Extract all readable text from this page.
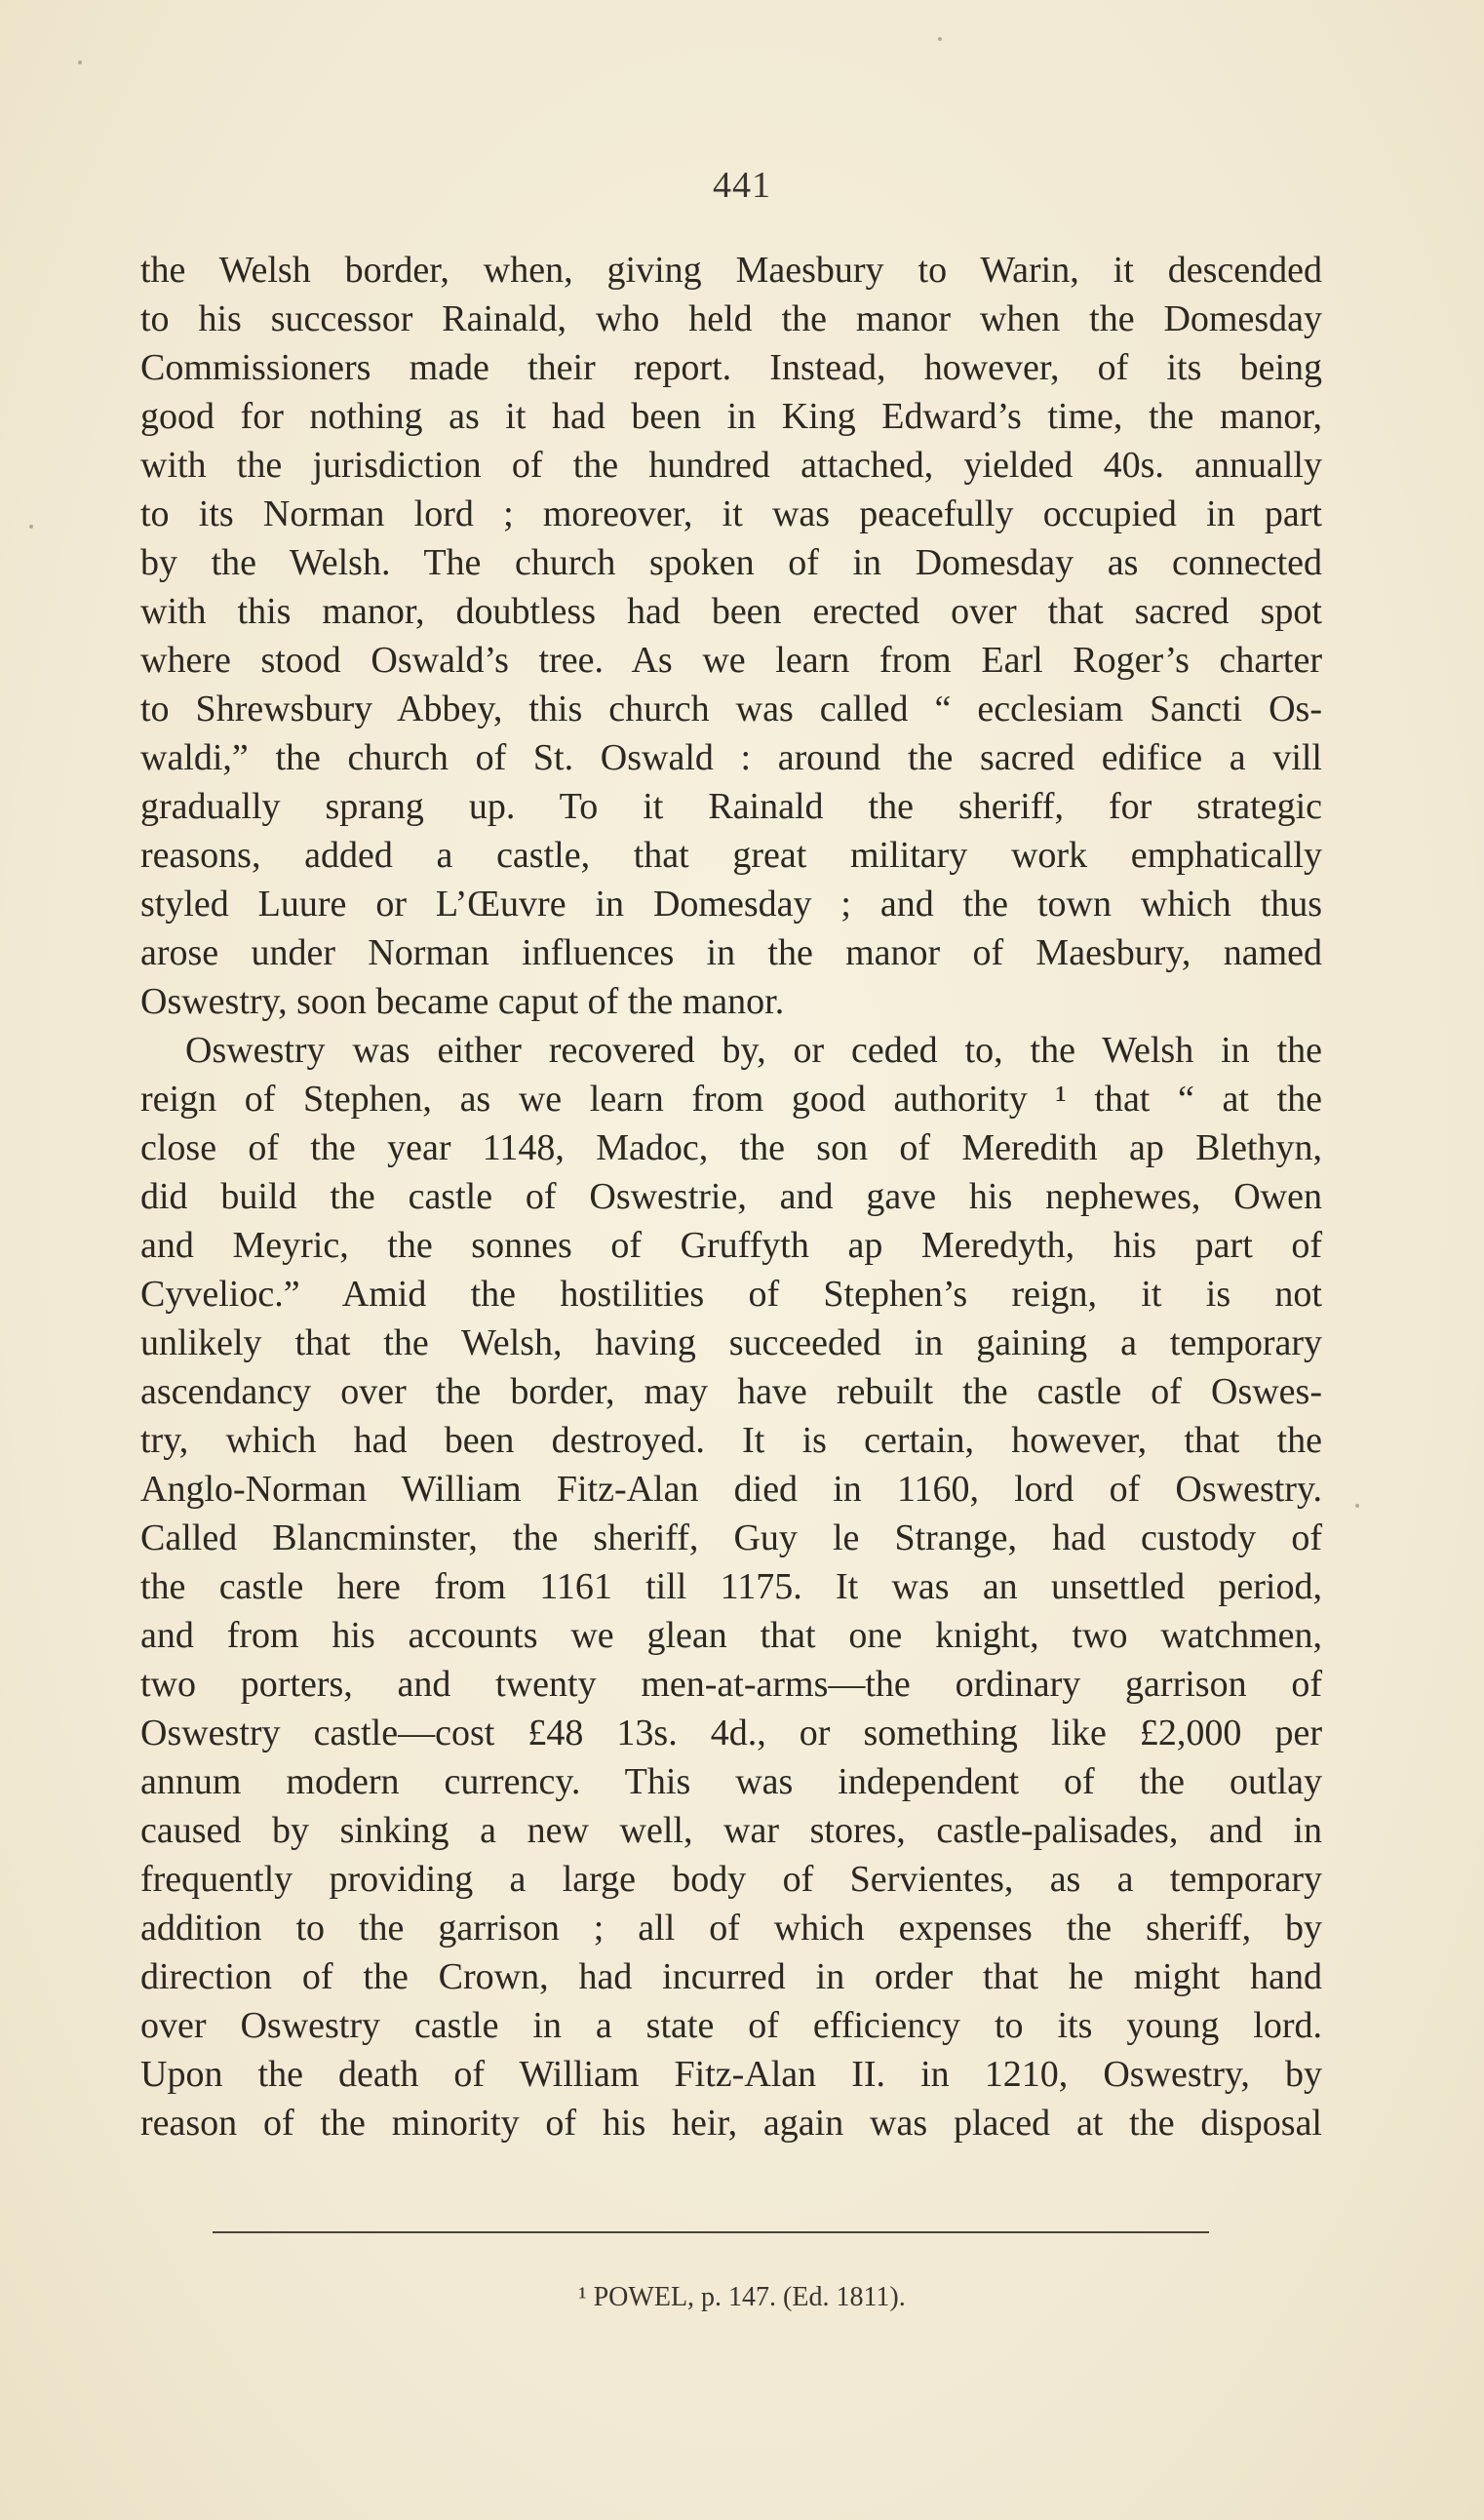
441
the Welsh border, when, giving Maesbury to Warin, it descended
to his successor Rainald, who held the manor when the Domesday
Commissioners made their report. Instead, however, of its being
good for nothing as it had been in King Edward’s time, the manor,
with the jurisdiction of the hundred attached, yielded 40s. annually
to its Norman lord ; moreover, it was peacefully occupied in part
by the Welsh. The church spoken of in Domesday as connected
with this manor, doubtless had been erected over that sacred spot
where stood Oswald’s tree. As we learn from Earl Roger’s charter
to Shrewsbury Abbey, this church was called “ ecclesiam Sancti Os-
waldi,” the church of St. Oswald : around the sacred edifice a vill
gradually sprang up. To it Rainald the sheriff, for strategic
reasons, added a castle, that great military work emphatically
styled Luure or L’Œuvre in Domesday ; and the town which thus
arose under Norman influences in the manor of Maesbury, named
Oswestry, soon became caput of the manor.
Oswestry was either recovered by, or ceded to, the Welsh in the
reign of Stephen, as we learn from good authority ¹ that “ at the
close of the year 1148, Madoc, the son of Meredith ap Blethyn,
did build the castle of Oswestrie, and gave his nephewes, Owen
and Meyric, the sonnes of Gruffyth ap Meredyth, his part of
Cyvelioc.” Amid the hostilities of Stephen’s reign, it is not
unlikely that the Welsh, having succeeded in gaining a temporary
ascendancy over the border, may have rebuilt the castle of Oswes-
try, which had been destroyed. It is certain, however, that the
Anglo-Norman William Fitz-Alan died in 1160, lord of Oswestry.
Called Blancminster, the sheriff, Guy le Strange, had custody of
the castle here from 1161 till 1175. It was an unsettled period,
and from his accounts we glean that one knight, two watchmen,
two porters, and twenty men-at-arms—the ordinary garrison of
Oswestry castle—cost £48 13s. 4d., or something like £2,000 per
annum modern currency. This was independent of the outlay
caused by sinking a new well, war stores, castle-palisades, and in
frequently providing a large body of Servientes, as a temporary
addition to the garrison ; all of which expenses the sheriff, by
direction of the Crown, had incurred in order that he might hand
over Oswestry castle in a state of efficiency to its young lord.
Upon the death of William Fitz-Alan II. in 1210, Oswestry, by
reason of the minority of his heir, again was placed at the disposal
¹ POWEL, p. 147. (Ed. 1811).
